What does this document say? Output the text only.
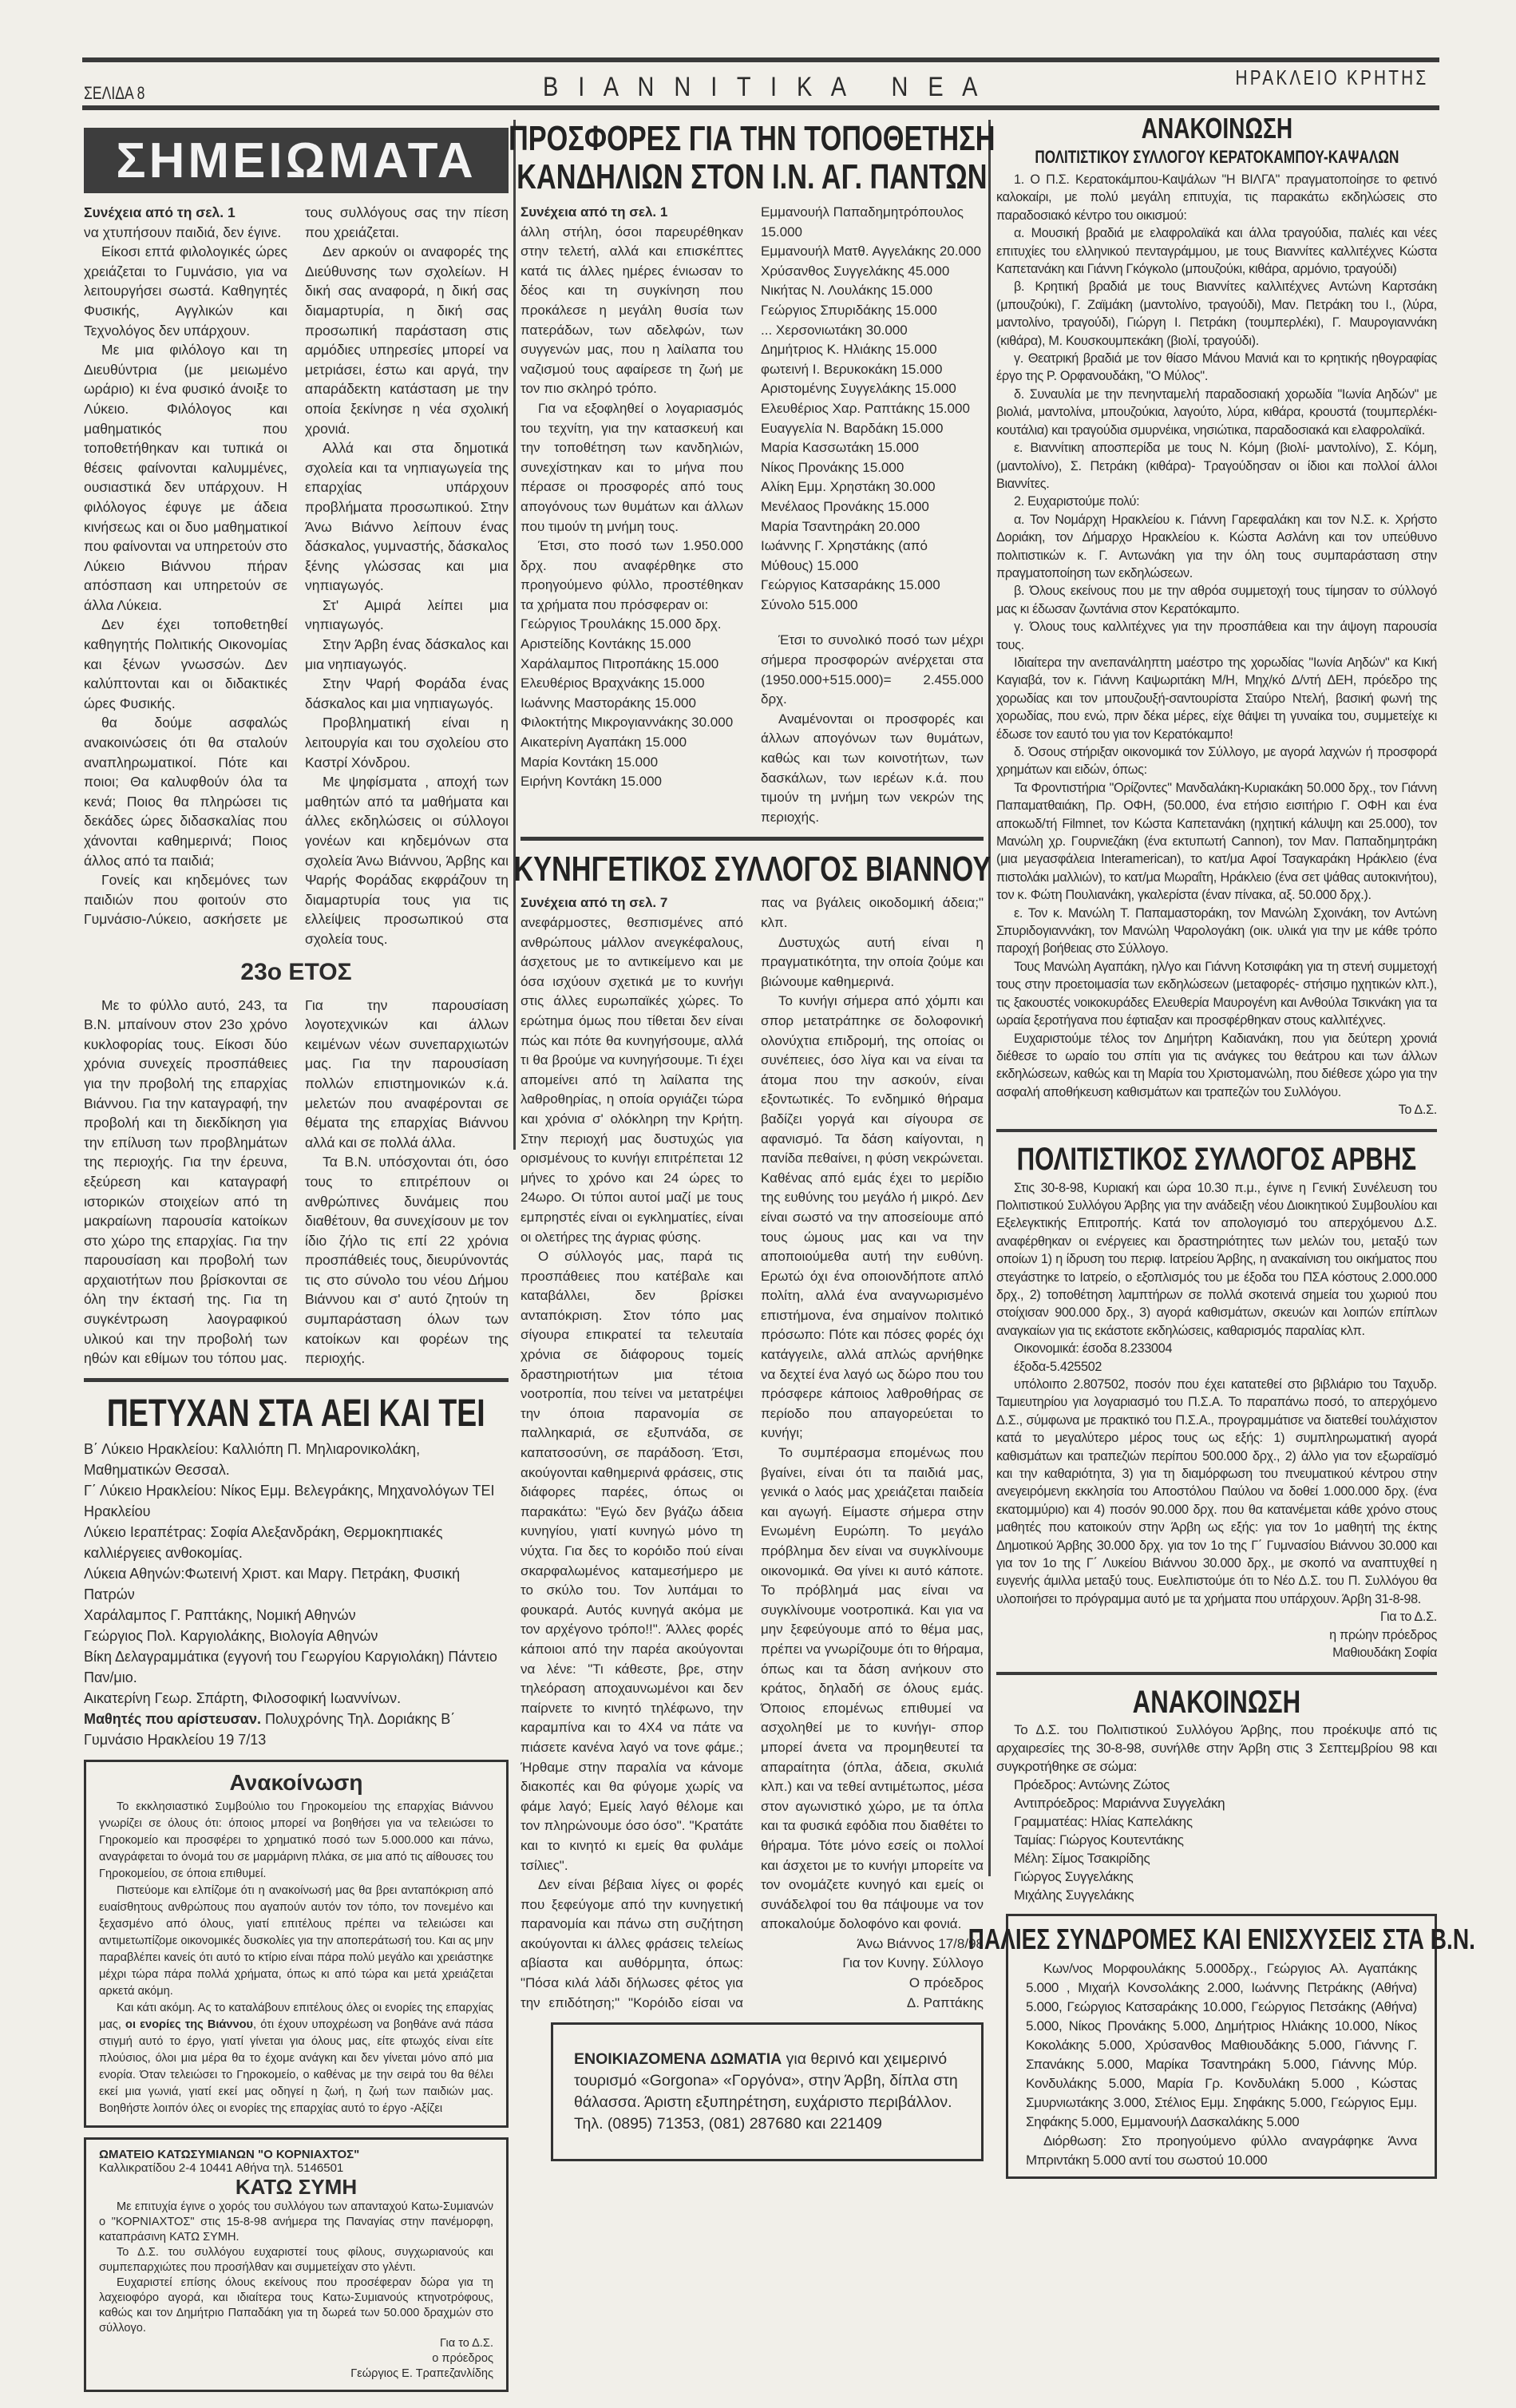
ΗΡΑΚΛΕΙΟ ΚΡΗΤΗΣ
ΣΕΛΙΔΑ 8	Β Ι Α Ν Ν Ι Τ Ι Κ Α   Ν Ε Α
ΣΗΜΕΙΩΜΑΤΑ

Συνέχεια από τη σελ. 1

να χτυπήσουν παιδιά, δεν έγινε.

Είκοσι επτά φιλολογικές ώρες χρειάζεται το Γυμνάσιο, για να λειτουργήσει σωστά. Καθηγητές Φυσικής, Αγγλικών και Τεχνολόγος δεν υπάρχουν.

Με μια φιλόλογο και τη Διευθύντρια (με μειωμένο ωράριο) κι ένα φυσικό άνοιξε το Λύκειο. Φιλόλογος και μαθηματικός που τοποθετήθηκαν και τυπικά οι θέσεις φαίνονται καλυμμένες, ουσιαστικά δεν υπάρχουν. Η φιλόλογος έφυγε με άδεια κινήσεως και οι δυο μαθηματικοί που φαίνονται να υπηρετούν στο Λύκειο Βιάννου πήραν απόσπαση και υπηρετούν σε άλλα Λύκεια.

Δεν έχει τοποθετηθεί καθηγητής Πολιτικής Οικονομίας και ξένων γνωσσών. Δεν καλύπτονται και οι διδακτικές ώρες Φυσικής.

θα δούμε ασφαλώς ανακοινώσεις ότι θα σταλούν αναπληρωματικοί. Πότε και ποιοι; Θα καλυφθούν όλα τα κενά; Ποιος θα πληρώσει τις δεκάδες ώρες διδασκαλίας που χάνονται καθημερινά; Ποιος άλλος από τα παιδιά;

Γονείς και κηδεμόνες των παιδιών που φοιτούν στο Γυμνάσιο-Λύκειο, ασκήσετε με τους συλλόγους σας την πίεση που χρειάζεται.

Δεν αρκούν οι αναφορές της Διεύθυνσης των σχολείων. Η δική σας αναφορά, η δική σας διαμαρτυρία, η δική σας προσωπική παράσταση στις αρμόδιες υπηρεσίες μπορεί να μετριάσει, έστω και αργά, την απαράδεκτη κατάσταση με την οποία ξεκίνησε η νέα σχολική χρονιά.

Αλλά και στα δημοτικά σχολεία και τα νηπιαγωγεία της επαρχίας υπάρχουν προβλήματα προσωπικού. Στην Άνω Βιάννο λείπουν ένας δάσκαλος, γυμναστής, δάσκαλος ξένης γλώσσας και μια νηπιαγωγός.

Στ' Αμιρά λείπει μια νηπιαγωγός.

Στην Άρβη ένας δάσκαλος και μια νηπιαγωγός.

Στην Ψαρή Φοράδα ένας δάσκαλος και μια νηπιαγωγός.

Προβληματική είναι η λειτουργία και του σχολείου στο Καστρί Χόνδρου.

Με ψηφίσματα , αποχή των μαθητών από τα μαθήματα και άλλες εκδηλώσεις οι σύλλογοι γονέων και κηδεμόνων στα σχολεία Άνω Βιάννου, Άρβης και Ψαρής Φοράδας εκφράζουν τη διαμαρτυρία τους για τις ελλείψεις προσωπικού στα σχολεία τους.

23ο ΕΤΟΣ

Με το φύλλο αυτό, 243, τα Β.Ν. μπαίνουν στον 23ο χρόνο κυκλοφορίας τους. Είκοσι δύο χρόνια συνεχείς προσπάθειες για την προβολή της επαρχίας Βιάννου. Για την καταγραφή, την προβολή και τη διεκδίκηση για την επίλυση των προβλημάτων της περιοχής. Για την έρευνα, εξεύρεση και καταγραφή ιστορικών στοιχείων από τη μακραίωνη παρουσία κατοίκων στο χώρο της επαρχίας. Για την παρουσίαση και προβολή των αρχαιοτήτων που βρίσκονται σε όλη την έκτασή της. Για τη συγκέντρωση λαογραφικού υλικού και την προβολή των ηθών και εθίμων του τόπου μας. Για την παρουσίαση λογοτεχνικών και άλλων κειμένων νέων συνεπαρχιωτών μας. Για την παρουσίαση πολλών επιστημονικών κ.ά. μελετών που αναφέρονται σε θέματα της επαρχίας Βιάννου αλλά και σε πολλά άλλα.

Τα Β.Ν. υπόσχονται ότι, όσο τους το επιτρέπουν οι ανθρώπινες δυνάμεις που διαθέτουν, θα συνεχίσουν με τον ίδιο ζήλο τις επί 22 χρόνια προσπάθειές τους, διευρύνοντάς τις στο σύνολο του νέου Δήμου Βιάννου και σ' αυτό ζητούν τη συμπαράσταση όλων των κατοίκων και φορέων της περιοχής.

ΠΕΤΥΧΑΝ ΣΤΑ ΑΕΙ ΚΑΙ ΤΕΙ
Β΄ Λύκειο Ηρακλείου: Καλλιόπη Π. Μηλιαρονικολάκη, Μαθηματικών Θεσσαλ.
Γ΄ Λύκειο Ηρακλείου: Νίκος Εμμ. Βελεγράκης, Μηχανολόγων ΤΕΙ Ηρακλείου
Λύκειο Ιεραπέτρας: Σοφία Αλεξανδράκη, Θερμοκηπιακές καλλιέργειες ανθοκομίας.
Λύκεια Αθηνών:Φωτεινή Χριστ. και Μαργ. Πετράκη, Φυσική Πατρών
Χαράλαμπος Γ. Ραπτάκης, Νομική Αθηνών
Γεώργιος Πολ. Καργιολάκης, Βιολογία Αθηνών
Βίκη Δελαγραμμάτικα (εγγονή του Γεωργίου Καργιολάκη) Πάντειο Παν/μιο.
Αικατερίνη Γεωρ. Σπάρτη, Φιλοσοφική Ιωαννίνων.
Μαθητές που αρίστευσαν. Πολυχρόνης Τηλ. Δοριάκης Β΄ Γυμνάσιο Ηρακλείου 19 7/13
Ανακοίνωση

Το εκκλησιαστικό Συμβούλιο του Γηροκομείου της επαρχίας Βιάννου γνωρίζει σε όλους ότι: όποιος μπορεί να βοηθήσει για να τελειώσει το Γηροκομείο και προσφέρει το χρηματικό ποσό των 5.000.000 και πάνω, αναγράφεται το όνομά του σε μαρμάρινη πλάκα, σε μια από τις αίθουσες του Γηροκομείου, σε όποια επιθυμεί.

Πιστεύομε και ελπίζομε ότι η ανακοίνωσή μας θα βρει ανταπόκριση από ευαίσθητους ανθρώπους που αγαπούν αυτόν τον τόπο, τον πονεμένο και ξεχασμένο από όλους, γιατί επιτέλους πρέπει να τελειώσει και αντιμετωπίζομε οικονομικές δυσκολίες για την αποπεράτωσή του. Και ας μην παραβλέπει κανείς ότι αυτό το κτίριο είναι πάρα πολύ μεγάλο και χρειάστηκε μέχρι τώρα πάρα πολλά χρήματα, όπως κι από τώρα και μετά χρειάζεται αρκετά ακόμη.

Και κάτι ακόμη. Ας το καταλάβουν επιτέλους όλες οι ενορίες της επαρχίας μας, οι ενορίες της Βιάννου, ότι έχουν υποχρέωση να βοηθάνε ανά πάσα στιγμή αυτό το έργο, γιατί γίνεται για όλους μας, είτε φτωχός είναι είτε πλούσιος, όλοι μια μέρα θα το έχομε ανάγκη και δεν γίνεται μόνο από μια ενορία. Όταν τελειώσει το Γηροκομείο, ο καθένας με την σειρά του θα θέλει εκεί μια γωνιά, γιατί εκεί μας οδηγεί η ζωή, η ζωή των παιδιών μας. Βοηθήστε λοιπόν όλες οι ενορίες της επαρχίας αυτό το έργο -Αξίζει

ΩΜΑΤΕΙΟ ΚΑΤΩΣΥΜΙΑΝΩΝ "Ο ΚΟΡΝΙΑΧΤΟΣ"
Καλλικρατίδου 2-4 10441 Αθήνα τηλ. 5146501
ΚΑΤΩ ΣΥΜΗ

Με επιτυχία έγινε ο χορός του συλλόγου των απανταχού Κατω-Συμιανών ο "ΚΟΡΝΙΑΧΤΟΣ" στις 15-8-98 ανήμερα της Παναγίας στην πανέμορφη, καταπράσινη ΚΑΤΩ ΣΥΜΗ.

Το Δ.Σ. του συλλόγου ευχαριστεί τους φίλους, συγχωριανούς και συμπεπαρχιώτες που προσήλθαν και συμμετείχαν στο γλέντι.

Ευχαριστεί επίσης όλους εκείνους που προσέφεραν δώρα για τη λαχειοφόρο αγορά, και ιδιαίτερα τους Κατω-Συμιανούς κτηνοτρόφους, καθώς και τον Δημήτριο Παπαδάκη για τη δωρεά των 50.000 δραχμών στο σύλλογο.

Για το Δ.Σ.

ο πρόεδρος

Γεώργιος Ε. Τραπεζανλίδης

ΠΡΟΣΦΟΡΕΣ ΓΙΑ ΤΗΝ ΤΟΠΟΘΕΤΗΣΗ
ΚΑΝΔΗΛΙΩΝ ΣΤΟΝ Ι.Ν. ΑΓ. ΠΑΝΤΩΝ

Συνέχεια από τη σελ. 1

άλλη στήλη, όσοι παρευρέθηκαν στην τελετή, αλλά και επισκέπτες κατά τις άλλες ημέρες ένιωσαν το δέος και τη συγκίνηση που προκάλεσε η μεγάλη θυσία των πατεράδων, των αδελφών, των συγγενών μας, που η λαίλαπα του ναζισμού τους αφαίρεσε τη ζωή με τον πιο σκληρό τρόπο.

Για να εξοφληθεί ο λογαριασμός του τεχνίτη, για την κατασκευή και την τοποθέτηση των κανδηλιών, συνεχίστηκαν και το μήνα που πέρασε οι προσφορές από τους απογόνους των θυμάτων και άλλων που τιμούν τη μνήμη τους.

Έτσι, στο ποσό των 1.950.000 δρχ. που αναφέρθηκε στο προηγούμενο φύλλο, προστέθηκαν τα χρήματα που πρόσφεραν οι:

Γεώργιος Τρουλάκης 15.000 δρχ.
Αριστείδης Κοντάκης 15.000
Χαράλαμπος Πιτροπάκης 15.000
Ελευθέριος Βραχνάκης 15.000
Ιωάννης Μαστοράκης 15.000
Φιλοκτήτης Μικρογιαννάκης 30.000
Αικατερίνη Αγαπάκη 15.000
Μαρία Κοντάκη 15.000
Ειρήνη Κοντάκη 15.000
Εμμανουήλ Παπαδημητρόπουλος 15.000
Εμμανουήλ Ματθ. Αγγελάκης 20.000
Χρύσανθος Συγγελάκης 45.000
Νικήτας Ν. Λουλάκης 15.000
Γεώργιος Σπυριδάκης 15.000
... Χερσονιωτάκη 30.000
Δημήτριος Κ. Ηλιάκης 15.000
φωτεινή Ι. Βερυκοκάκη 15.000
Αριστομένης Συγγελάκης 15.000
Ελευθέριος Χαρ. Ραπτάκης 15.000
Ευαγγελία Ν. Βαρδάκη 15.000
Μαρία Κασσωτάκη 15.000
Νίκος Προνάκης 15.000
Αλίκη Εμμ. Χρηστάκη 30.000
Μενέλαος Προνάκης 15.000
Μαρία Τσαντηράκη 20.000
Ιωάννης Γ. Χρηστάκης (από Μύθους) 15.000
Γεώργιος Κατσαράκης 15.000
Σύνολο 515.000

Έτσι το συνολικό ποσό των μέχρι σήμερα προσφορών ανέρχεται στα (1950.000+515.000)= 2.455.000 δρχ.

Αναμένονται οι προσφορές και άλλων απογόνων των θυμάτων, καθώς και των κοινοτήτων, των δασκάλων, των ιερέων κ.ά. που τιμούν τη μνήμη των νεκρών της περιοχής.

ΚΥΝΗΓΕΤΙΚΟΣ ΣΥΛΛΟΓΟΣ ΒΙΑΝΝΟΥ

Συνέχεια από τη σελ. 7

ανεφάρμοστες, θεσπισμένες από ανθρώπους μάλλον ανεγκέφαλους, άσχετους με το αντικείμενο και με όσα ισχύουν σχετικά με το κυνήγι στις άλλες ευρωπαϊκές χώρες. Το ερώτημα όμως που τίθεται δεν είναι πώς και πότε θα κυνηγήσουμε, αλλά τι θα βρούμε να κυνηγήσουμε. Τι έχει απομείνει από τη λαίλαπα της λαθροθηρίας, η οποία οργιάζει τώρα και χρόνια σ' ολόκληρη την Κρήτη. Στην περιοχή μας δυστυχώς για ορισμένους το κυνήγι επιτρέπεται 12 μήνες το χρόνο και 24 ώρες το 24ωρο. Οι τύποι αυτοί μαζί με τους εμπρηστές είναι οι εγκληματίες, είναι οι ολετήρες της άγριας φύσης.

Ο σύλλογός μας, παρά τις προσπάθειες που κατέβαλε και καταβάλλει, δεν βρίσκει ανταπόκριση. Στον τόπο μας σίγουρα επικρατεί τα τελευταία χρόνια σε διάφορους τομείς δραστηριοτήτων μια τέτοια νοοτροπία, που τείνει να μετατρέψει την όποια παρανομία σε παλληκαριά, σε εξυπνάδα, σε καπατσοσύνη, σε παράδοση. Έτσι, ακούγονται καθημερινά φράσεις, στις διάφορες παρέες, όπως οι παρακάτω: "Εγώ δεν βγάζω άδεια κυνηγίου, γιατί κυνηγώ μόνο τη νύχτα. Για δες το κορόιδο πού είναι σκαρφαλωμένος καταμεσήμερο με το σκύλο του. Τον λυπάμαι το φουκαρά. Αυτός κυνηγά ακόμα με τον αρχέγονο τρόπο!!". Άλλες φορές κάποιοι από την παρέα ακούγονται να λένε: "Τι κάθεστε, βρε, στην τηλεόραση αποχαυνωμένοι και δεν παίρνετε το κινητό τηλέφωνο, την καραμπίνα και το 4Χ4 να πάτε να πιάσετε κανένα λαγό να τονε φάμε.; Ήρθαμε στην παραλία να κάνομε διακοπές και θα φύγομε χωρίς να φάμε λαγό; Εμείς λαγό θέλομε και τον πληρώνουμε όσο όσο". "Κρατάτε και το κινητό κι εμείς θα φυλάμε τσίλιες".

Δεν είναι βέβαια λίγες οι φορές που ξεφεύγομε από την κυνηγετική παρανομία και πάνω στη συζήτηση ακούγονται κι άλλες φράσεις τελείως αβίαστα και αυθόρμητα, όπως: "Πόσα κιλά λάδι δήλωσες φέτος για την επιδότηση;" "Κορόιδο είσαι να πας να βγάλεις οικοδομική άδεια;" κλπ.

Δυστυχώς αυτή είναι η πραγματικότητα, την οποία ζούμε και βιώνουμε καθημερινά.

Το κυνήγι σήμερα από χόμπι και σπορ μετατράπηκε σε δολοφονική ολονύχτια επιδρομή, της οποίας οι συνέπειες, όσο λίγα και να είναι τα άτομα που την ασκούν, είναι εξοντωτικές. Το ενδημικό θήραμα βαδίζει γοργά και σίγουρα σε αφανισμό. Τα δάση καίγονται, η πανίδα πεθαίνει, η φύση νεκρώνεται. Καθένας από εμάς έχει το μερίδιο της ευθύνης του μεγάλο ή μικρό. Δεν είναι σωστό να την αποσείουμε από τους ώμους μας και να την αποποιούμεθα αυτή την ευθύνη. Ερωτώ όχι ένα οποιονδήποτε απλό πολίτη, αλλά ένα αναγνωρισμένο επιστήμονα, ένα σημαίνον πολιτικό πρόσωπο: Πότε και πόσες φορές όχι κατάγγειλε, αλλά απλώς αρνήθηκε να δεχτεί ένα λαγό ως δώρο που του πρόσφερε κάποιος λαθροθήρας σε περίοδο που απαγορεύεται το κυνήγι;

Το συμπέρασμα επομένως που βγαίνει, είναι ότι τα παιδιά μας, γενικά ο λαός μας χρειάζεται παιδεία και αγωγή. Είμαστε σήμερα στην Ενωμένη Ευρώπη. Το μεγάλο πρόβλημα δεν είναι να συγκλίνουμε οικονομικά. Θα γίνει κι αυτό κάποτε. Το πρόβλημά μας είναι να συγκλίνουμε νοοτροπικά. Και για να μην ξεφεύγουμε από το θέμα μας, πρέπει να γνωρίζουμε ότι το θήραμα, όπως και τα δάση ανήκουν στο κράτος, δηλαδή σε όλους εμάς. Όποιος επομένως επιθυμεί να ασχοληθεί με το κυνήγι- σπορ μπορεί άνετα να προμηθευτεί τα απαραίτητα (όπλα, άδεια, σκυλιά κλπ.) και να τεθεί αντιμέτωπος, μέσα στον αγωνιστικό χώρο, με τα όπλα και τα φυσικά εφόδια που διαθέτει το θήραμα. Τότε μόνο εσείς οι πολλοί και άσχετοι με το κυνήγι μπορείτε να τον ονομάζετε κυνηγό και εμείς οι συνάδελφοί του θα πάψουμε να τον αποκαλούμε δολοφόνο και φονιά.

Άνω Βιάννος 17/8/98

Για τον Κυνηγ. Σύλλογο

Ο πρόεδρος

Δ. Ραπτάκης

ΕΝΟΙΚΙΑΖΟΜΕΝΑ ΔΩΜΑΤΙΑ για θερινό και χειμερινό τουρισμό «Gorgona» «Γοργόνα», στην Άρβη, δίπλα στη θάλασσα. Άριστη εξυπηρέτηση, ευχάριστο περιβάλλον.
Τηλ. (0895) 71353, (081) 287680 και 221409
ΑΝΑΚΟΙΝΩΣΗ
ΠΟΛΙΤΙΣΤΙΚΟΥ ΣΥΛΛΟΓΟΥ ΚΕΡΑΤΟΚΑΜΠΟΥ-ΚΑΨΑΛΩΝ

1. Ο Π.Σ. Κερατοκάμπου-Καψάλων "Η ΒΙΛΓΑ" πραγματοποίησε το φετινό καλοκαίρι, με πολύ μεγάλη επιτυχία, τις παρακάτω εκδηλώσεις στο παραδοσιακό κέντρο του οικισμού:

α. Μουσική βραδιά με ελαφρολαϊκά και άλλα τραγούδια, παλιές και νέες επιτυχίες του ελληνικού πενταγράμμου, με τους Βιαννίτες καλλιτέχνες Κώστα Καπετανάκη και Γιάννη Γκόγκολο (μπουζούκι, κιθάρα, αρμόνιο, τραγούδι)

β. Κρητική βραδιά με τους Βιαννίτες καλλιτέχνες Αντώνη Καρτσάκη (μπουζούκι), Γ. Ζαϊμάκη (μαντολίνο, τραγούδι), Μαν. Πετράκη του Ι., (λύρα, μαντολίνο, τραγούδι), Γιώργη Ι. Πετράκη (τουμπερλέκι), Γ. Μαυρογιαννάκη (κιθάρα), Μ. Κουσκουμπεκάκη (βιολί, τραγούδι).

γ. Θεατρική βραδιά με τον θίασο Μάνου Μανιά και το κρητικής ηθογραφίας έργο της Ρ. Ορφανουδάκη, "Ο Μύλος".

δ. Συναυλία με την πενηνταμελή παραδοσιακή χορωδία "Ιωνία Αηδών" με βιολιά, μαντολίνα, μπουζούκια, λαγούτο, λύρα, κιθάρα, κρουστά (τουμπερλέκι- κουτάλια) και τραγούδια σμυρνέικα, νησιώτικα, παραδοσιακά και ελαφρολαϊκά.

ε. Βιαννίτικη αποσπερίδα με τους Ν. Κόμη (βιολί- μαντολίνο), Σ. Κόμη, (μαντολίνο), Σ. Πετράκη (κιθάρα)- Τραγούδησαν οι ίδιοι και πολλοί άλλοι Βιαννίτες.

2. Ευχαριστούμε πολύ:

α. Τον Νομάρχη Ηρακλείου κ. Γιάννη Γαρεφαλάκη και τον Ν.Σ. κ. Χρήστο Δοριάκη, τον Δήμαρχο Ηρακλείου κ. Κώστα Ασλάνη και τον υπεύθυνο πολιτιστικών κ. Γ. Αντωνάκη για την όλη τους συμπαράσταση στην πραγματοποίηση των εκδηλώσεων.

β. Όλους εκείνους που με την αθρόα συμμετοχή τους τίμησαν το σύλλογό μας κι έδωσαν ζωντάνια στον Κερατόκαμπο.

γ. Όλους τους καλλιτέχνες για την προσπάθεια και την άψογη παρουσία τους.

Ιδιαίτερα την ανεπανάληπτη μαέστρο της χορωδίας "Ιωνία Αηδών" κα Κική Καγιαβά, τον κ. Γιάννη Καψωριτάκη Μ/Η, Μηχ/κό Δ/ντή ΔΕΗ, πρόεδρο της χορωδίας και τον μπουζουξή-σαντουρίστα Σταύρο Ντελή, βασική φωνή της χορωδίας, που ενώ, πριν δέκα μέρες, είχε θάψει τη γυναίκα του, συμμετείχε κι έδωσε τον εαυτό του για τον Κερατόκαμπο!

δ. Όσους στήριξαν οικονομικά τον Σύλλογο, με αγορά λαχνών ή προσφορά χρημάτων και ειδών, όπως:

Τα Φροντιστήρια "Ορίζοντες" Μανδαλάκη-Κυριακάκη 50.000 δρχ., τον Γιάννη Παπαματθαιάκη, Πρ. ΟΦΗ, (50.000, ένα ετήσιο εισιτήριο Γ. ΟΦΗ και ένα αποκωδ/τή Filmnet, τον Κώστα Καπετανάκη (ηχητική κάλυψη και 25.000), τον Μανώλη χρ. Γουρνιεζάκη (ένα εκτυπωτή Cannon), τον Μαν. Παπαδημητράκη (μια μεγασφάλεια Interamerican), το κατ/μα Αφοί Τσαγκαράκη Ηράκλειο (ένα πιστολάκι μαλλιών), το κατ/μα Μωραΐτη, Ηράκλειο (ένα σετ ψάθας αυτοκινήτου), τον κ. Φώτη Πουλιανάκη, γκαλερίστα (έναν πίνακα, αξ. 50.000 δρχ.).

ε. Τον κ. Μανώλη Τ. Παπαμαστοράκη, τον Μανώλη Σχοινάκη, τον Αντώνη Σπυριδογιαννάκη, τον Μανώλη Ψαρολογάκη (οικ. υλικά για την με κάθε τρόπο παροχή βοήθειας στο Σύλλογο.

Τους Μανώλη Αγαπάκη, ηλ/γο και Γιάννη Κοτσιφάκη για τη στενή συμμετοχή τους στην προετοιμασία των εκδηλώσεων (μεταφορές- στήσιμο ηχητικών κλπ.), τις ξακουστές νοικοκυράδες Ελευθερία Μαυρογένη και Ανθούλα Τσικνάκη για τα ωραία ξεροτήγανα που έφτιαξαν και προσφέρθηκαν στους καλλιτέχνες.

Ευχαριστούμε τέλος τον Δημήτρη Καδιανάκη, που για δεύτερη χρονιά διέθεσε το ωραίο του σπίτι για τις ανάγκες του θεάτρου και των άλλων εκδηλώσεων, καθώς και τη Μαρία του Χριστομανώλη, που διέθεσε χώρο για την ασφαλή αποθήκευση καθισμάτων και τραπεζών του Συλλόγου.

Το Δ.Σ.

ΠΟΛΙΤΙΣΤΙΚΟΣ ΣΥΛΛΟΓΟΣ ΑΡΒΗΣ

Στις 30-8-98, Κυριακή και ώρα 10.30 π.μ., έγινε η Γενική Συνέλευση του Πολιτιστικού Συλλόγου Άρβης για την ανάδειξη νέου Διοικητικού Συμβουλίου και Εξελεγκτικής Επιτροπής. Κατά τον απολογισμό του απερχόμενου Δ.Σ. αναφέρθηκαν οι ενέργειες και δραστηριότητες των μελών του, μεταξύ των οποίων 1) η ίδρυση του περιφ. Ιατρείου Άρβης, η ανακαίνιση του οικήματος που στεγάστηκε το Ιατρείο, ο εξοπλισμός του με έξοδα του ΠΣΑ κόστους 2.000.000 δρχ., 2) τοποθέτηση λαμπτήρων σε πολλά σκοτεινά σημεία του χωριού που στοίχισαν 900.000 δρχ., 3) αγορά καθισμάτων, σκευών και λοιπών επίπλων αναγκαίων για τις εκάστοτε εκδηλώσεις, καθαρισμός παραλίας κλπ.

Οικονομικά: έσοδα 8.233004

έξοδα-5.425502

υπόλοιπο 2.807502, ποσόν που έχει κατατεθεί στο βιβλιάριο του Ταχυδρ. Ταμιευτηρίου για λογαριασμό του Π.Σ.Α. Το παραπάνω ποσό, το απερχόμενο Δ.Σ., σύμφωνα με πρακτικό του Π.Σ.Α., προγραμμάτισε να διατεθεί τουλάχιστον κατά το μεγαλύτερο μέρος τους ως εξής: 1) συμπληρωματική αγορά καθισμάτων και τραπεζιών περίπου 500.000 δρχ., 2) άλλο για τον εξωραϊσμό και την καθαριότητα, 3) για τη διαμόρφωση του πνευματικού κέντρου στην ανεγειρόμενη εκκλησία του Αποστόλου Παύλου να δοθεί 1.000.000 δρχ. (ένα εκατομμύριο) και 4) ποσόν 90.000 δρχ. που θα κατανέμεται κάθε χρόνο στους μαθητές που κατοικούν στην Άρβη ως εξής: για τον 1ο μαθητή της έκτης Δημοτικού Άρβης 30.000 δρχ. για τον 1ο της Γ΄ Γυμνασίου Βιάννου 30.000 και για τον 1ο της Γ΄ Λυκείου Βιάννου 30.000 δρχ., με σκοπό να αναπτυχθεί η ευγενής άμιλλα μεταξύ τους. Ευελπιστούμε ότι το Νέο Δ.Σ. του Π. Συλλόγου θα υλοποιήσει το πρόγραμμα αυτό με τα χρήματα που υπάρχουν. Άρβη 31-8-98.

Για το Δ.Σ.

η πρώην πρόεδρος

Μαθιουδάκη Σοφία

ΑΝΑΚΟΙΝΩΣΗ

Το Δ.Σ. του Πολιτιστικού Συλλόγου Άρβης, που προέκυψε από τις αρχαιρεσίες της 30-8-98, συνήλθε στην Άρβη στις 3 Σεπτεμβρίου 98 και συγκροτήθηκε σε σώμα:

Πρόεδρος: Αντώνης Ζώτος

Αντιπρόεδρος: Μαριάννα Συγγελάκη

Γραμματέας: Ηλίας Καπελάκης

Ταμίας: Γιώργος Κουτεντάκης

Μέλη: Σίμος Τσακιρίδης

Γιώργος Συγγελάκης

Μιχάλης Συγγελάκης

ΠΑΛΙΕΣ ΣΥΝΔΡΟΜΕΣ ΚΑΙ ΕΝΙΣΧΥΣΕΙΣ ΣΤΑ Β.Ν.

Κων/νος Μορφουλάκης 5.000δρχ., Γεώργιος Αλ. Αγαπάκης 5.000 , Μιχαήλ Κονσολάκης 2.000, Ιωάννης Πετράκης (Αθήνα) 5.000, Γεώργιος Κατσαράκης 10.000, Γεώργιος Πετσάκης (Αθήνα) 5.000, Νίκος Προνάκης 5.000, Δημήτριος Ηλιάκης 10.000, Νίκος Κοκολάκης 5.000, Χρύσανθος Μαθιουδάκης 5.000, Γιάννης Γ. Σπανάκης 5.000, Μαρίκα Τσαντηράκη 5.000, Γιάννης Μύρ. Κονδυλάκης 5.000, Μαρία Γρ. Κονδυλάκη 5.000 , Κώστας Σμυρνιωτάκης 3.000, Στέλιος Εμμ. Σηφάκης 5.000, Γεώργιος Εμμ. Σηφάκης 5.000, Εμμανουήλ Δασκαλάκης 5.000

Διόρθωση: Στο προηγούμενο φύλλο αναγράφηκε Άννα Μπριντάκη 5.000 αντί του σωστού 10.000
